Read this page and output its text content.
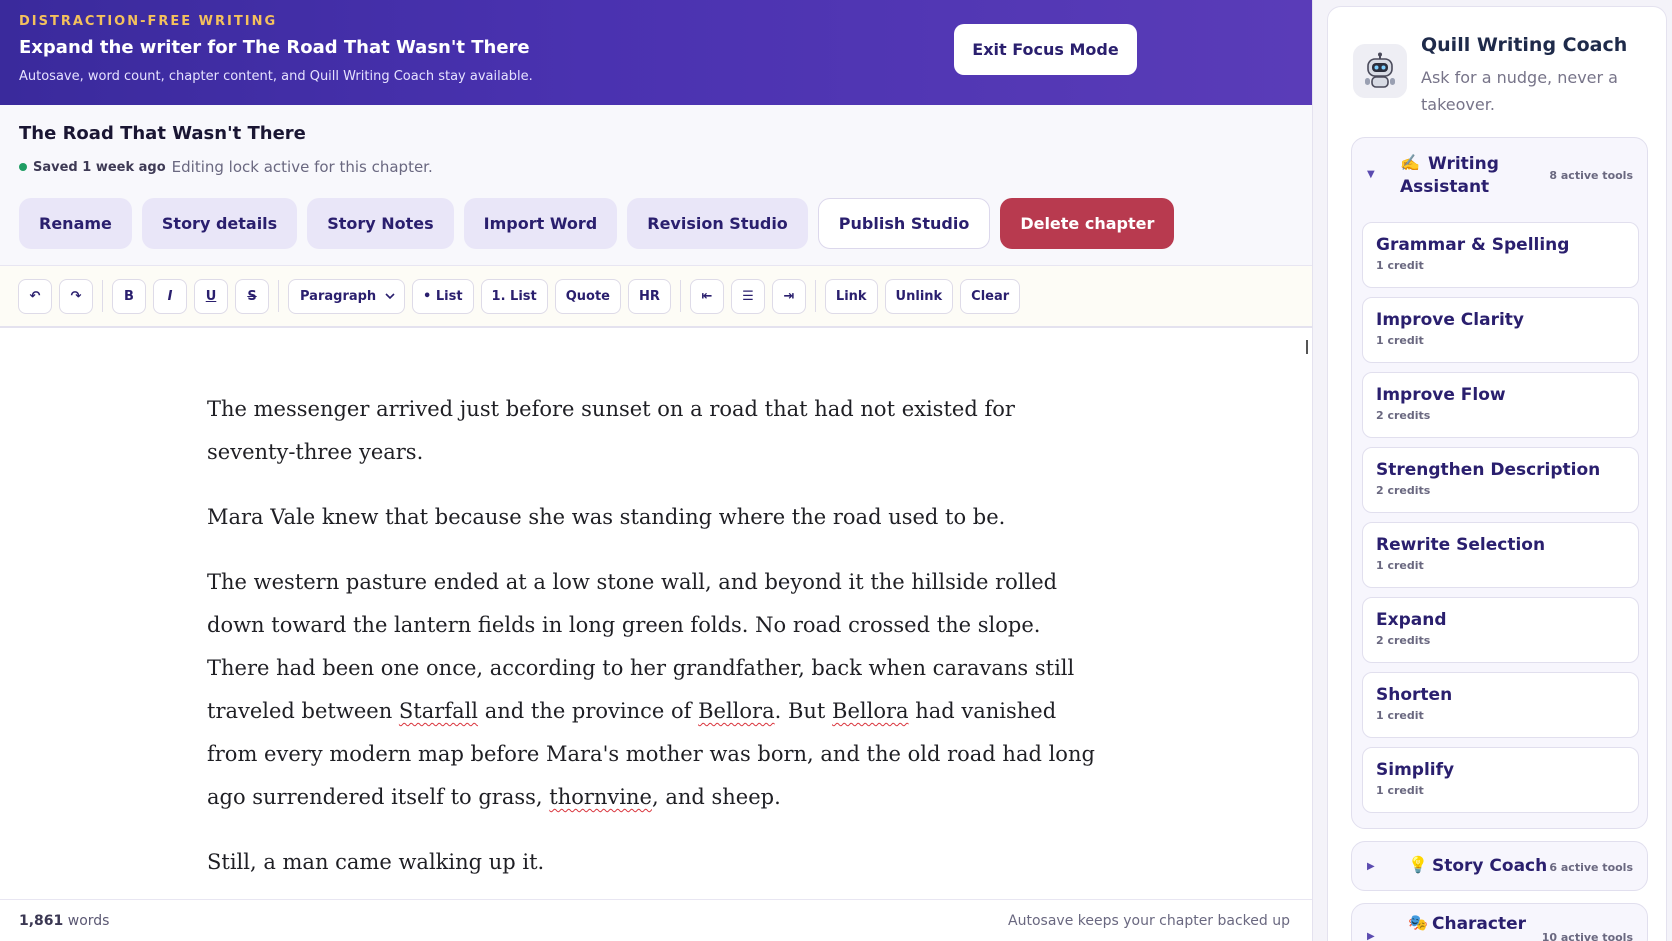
DISTRACTION-FREE WRITING
Expand the writer for The Road That Wasn't There
Autosave, word count, chapter content, and Quill Writing Coach stay available.
Exit Focus Mode
The Road That Wasn't There
Saved 1 week ago Editing lock active for this chapter.
Rename	Story details	Story Notes	Import Word	Revision Studio	Publish Studio	Delete chapter
↶	↷	B	I	U	S	Paragraph	• List	1. List	Quote	HR	⇤	☰	⇥	Link	Unlink	Clear

The messenger arrived just before sunset on a road that had not existed for seventy-three years.

Mara Vale knew that because she was standing where the road used to be.

The western pasture ended at a low stone wall, and beyond it the hillside rolled down toward the lantern fields in long green folds. No road crossed the slope. There had been one once, according to her grandfather, back when caravans still traveled between Starfall and the province of Bellora. But Bellora had vanished from every modern map before Mara's mother was born, and the old road had long ago surrendered itself to grass, thornvine, and sheep.

Still, a man came walking up it.

1,861 words	Autosave keeps your chapter backed up
Quill Writing Coach
Ask for a nudge, never a takeover.
▼
✍️ Writing Assistant
8 active tools
Grammar & Spelling
1 credit
Improve Clarity
1 credit
Improve Flow
2 credits
Strengthen Description
2 credits
Rewrite Selection
1 credit
Expand
2 credits
Shorten
1 credit
Simplify
1 credit
▶ 💡 Story Coach 6 active tools
▶
🎭 Character
10 active tools
